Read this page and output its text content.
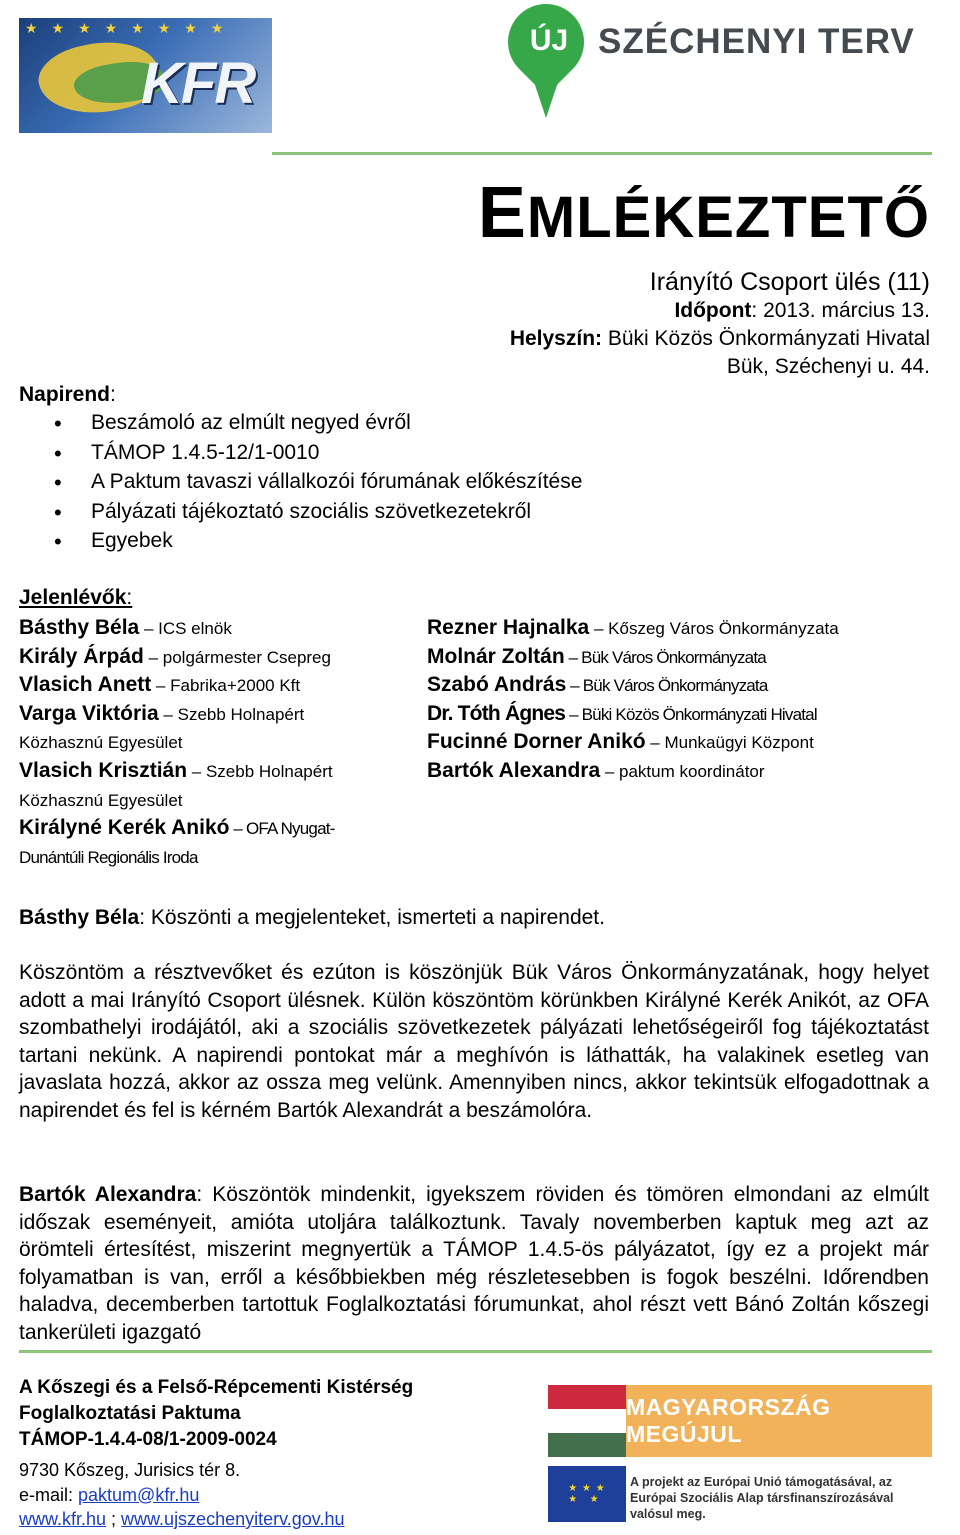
★★★★★★★★
KFR
ÚJ SZÉCHENYI TERV
EMLÉKEZTETŐ
Irányító Csoport ülés (11)
Időpont: 2013. március 13.
Helyszín: Büki Közös Önkormányzati Hivatal
Bük, Széchenyi u. 44.
Napirend:
• Beszámoló az elmúlt negyed évről
• TÁMOP 1.4.5-12/1-0010
• A Paktum tavaszi vállalkozói fórumának előkészítése
• Pályázati tájékoztató szociális szövetkezetekről
• Egyebek
Jelenlévők:
Básthy Béla – ICS elnök
Király Árpád – polgármester Csepreg
Vlasich Anett – Fabrika+2000 Kft
Varga Viktória – Szebb Holnapért Közhasznú Egyesület
Vlasich Krisztián – Szebb Holnapért Közhasznú Egyesület
Királyné Kerék Anikó – OFA Nyugat-Dunántúli Regionális Iroda
Rezner Hajnalka – Kőszeg Város Önkormányzata
Molnár Zoltán – Bük Város Önkormányzata
Szabó András – Bük Város Önkormányzata
Dr. Tóth Ágnes – Büki Közös Önkormányzati Hivatal
Fucinné Dorner Anikó – Munkaügyi Központ
Bartók Alexandra – paktum koordinátor
Básthy Béla: Köszönti a megjelenteket, ismerteti a napirendet.
Köszöntöm a résztvevőket és ezúton is köszönjük Bük Város Önkormányzatának, hogy helyet adott a mai Irányító Csoport ülésnek. Külön köszöntöm körünkben Királyné Kerék Anikót, az OFA szombathelyi irodájától, aki a szociális szövetkezetek pályázati lehetőségeiről fog tájékoztatást tartani nekünk. A napirendi pontokat már a meghívón is láthatták, ha valakinek esetleg van javaslata hozzá, akkor az ossza meg velünk. Amennyiben nincs, akkor tekintsük elfogadottnak a napirendet és fel is kérném Bartók Alexandrát a beszámolóra.
Bartók Alexandra: Köszöntök mindenkit, igyekszem röviden és tömören elmondani az elmúlt időszak eseményeit, amióta utoljára találkoztunk. Tavaly novemberben kaptuk meg azt az örömteli értesítést, miszerint megnyertük a TÁMOP 1.4.5-ös pályázatot, így ez a projekt már folyamatban is van, erről a későbbiekben még részletesebben is fogok beszélni. Időrendben haladva, decemberben tartottuk Foglalkoztatási fórumunkat, ahol részt vett Bánó Zoltán kőszegi tankerületi igazgató
A Kőszegi és a Felső-Répcementi Kistérség
Foglalkoztatási Paktuma
TÁMOP-1.4.4-08/1-2009-0024
9730 Kőszeg, Jurisics tér 8.
e-mail: paktum@kfr.hu
www.kfr.hu ; www.ujszechenyiterv.gov.hu
MAGYARORSZÁG MEGÚJUL
★ ★ ★
★   ★
A projekt az Európai Unió támogatásával, az Európai Szociális Alap társfinanszírozásával valósul meg.
